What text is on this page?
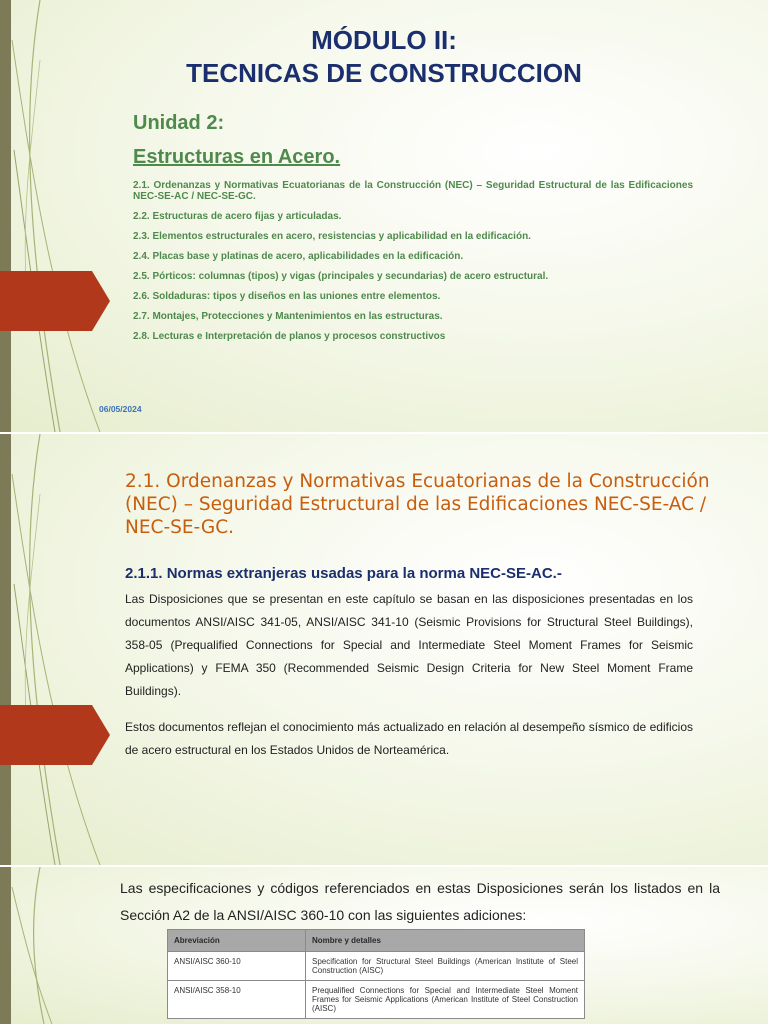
MÓDULO II:
TECNICAS DE CONSTRUCCION
Unidad 2:
Estructuras en Acero.
2.1. Ordenanzas y Normativas Ecuatorianas de la Construcción (NEC) – Seguridad Estructural de las Edificaciones NEC-SE-AC / NEC-SE-GC.
2.2. Estructuras de acero fijas y articuladas.
2.3. Elementos estructurales en acero, resistencias y aplicabilidad en la edificación.
2.4. Placas base y platinas de acero, aplicabilidades en la edificación.
2.5. Pórticos: columnas (tipos) y vigas (principales y secundarias) de acero estructural.
2.6. Soldaduras: tipos y diseños en las uniones entre elementos.
2.7. Montajes, Protecciones y Mantenimientos en las estructuras.
2.8. Lecturas e Interpretación de planos y procesos constructivos
06/05/2024
2.1. Ordenanzas y Normativas Ecuatorianas de la Construcción (NEC) – Seguridad Estructural de las Edificaciones NEC-SE-AC / NEC-SE-GC.
2.1.1. Normas extranjeras usadas para la norma NEC-SE-AC.-

Las Disposiciones que se presentan en este capítulo se basan en las disposiciones presentadas en los documentos ANSI/AISC 341-05, ANSI/AISC 341-10 (Seismic Provisions for Structural Steel Buildings), 358-05 (Prequalified Connections for Special and Intermediate Steel Moment Frames for Seismic Applications) y FEMA 350 (Recommended Seismic Design Criteria for New Steel Moment Frame Buildings).

Estos documentos reflejan el conocimiento más actualizado en relación al desempeño sísmico de edificios de acero estructural en los Estados Unidos de Norteamérica.

Las especificaciones y códigos referenciados en estas Disposiciones serán los listados en la Sección A2 de la ANSI/AISC 360-10 con las siguientes adiciones:

Abreviación	Nombre y detalles
ANSI/AISC 360-10	Specification for Structural Steel Buildings (American Institute of Steel Construction (AISC)
ANSI/AISC 358-10	Prequalified Connections for Special and Intermediate Steel Moment Frames for Seismic Applications (American Institute of Steel Construction (AISC)
